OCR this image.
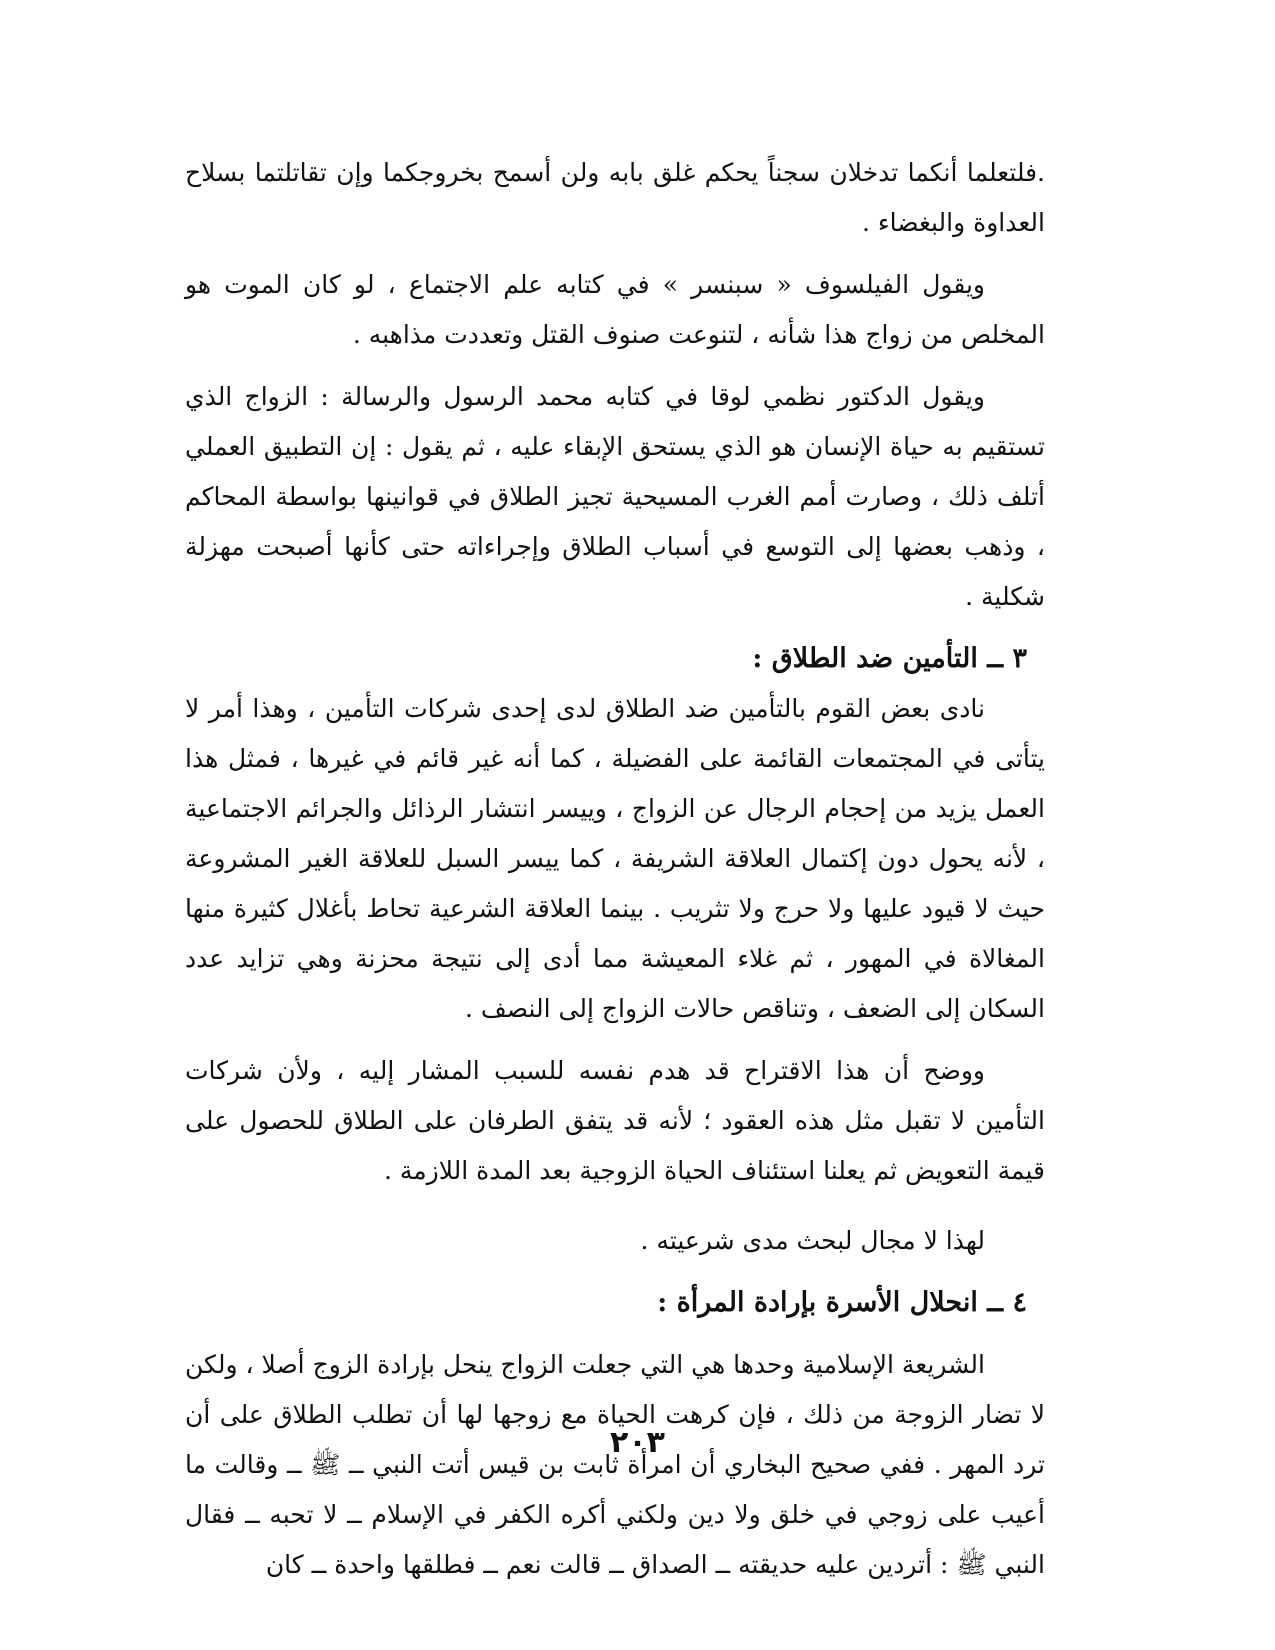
.فلتعلما أنكما تدخلان سجناً يحكم غلق بابه ولن أسمح بخروجكما وإن تقاتلتما بسلاح العداوة والبغضاء .

ويقول الفيلسوف « سبنسر » في كتابه علم الاجتماع ، لو كان الموت هو المخلص من زواج هذا شأنه ، لتنوعت صنوف القتل وتعددت مذاهبه .

ويقول الدكتور نظمي لوقا في كتابه محمد الرسول والرسالة : الزواج الذي تستقيم به حياة الإنسان هو الذي يستحق الإبقاء عليه ، ثم يقول : إن التطبيق العملي أتلف ذلك ، وصارت أمم الغرب المسيحية تجيز الطلاق في قوانينها بواسطة المحاكم ، وذهب بعضها إلى التوسع في أسباب الطلاق وإجراءاته حتى كأنها أصبحت مهزلة شكلية .

٣ ــ التأمين ضد الطلاق :

نادى بعض القوم بالتأمين ضد الطلاق لدى إحدى شركات التأمين ، وهذا أمر لا يتأتى في المجتمعات القائمة على الفضيلة ، كما أنه غير قائم في غيرها ، فمثل هذا العمل يزيد من إحجام الرجال عن الزواج ، وييسر انتشار الرذائل والجرائم الاجتماعية ، لأنه يحول دون إكتمال العلاقة الشريفة ، كما ييسر السبل للعلاقة الغير المشروعة حيث لا قيود عليها ولا حرج ولا تثريب . بينما العلاقة الشرعية تحاط بأغلال كثيرة منها المغالاة في المهور ، ثم غلاء المعيشة مما أدى إلى نتيجة محزنة وهي تزايد عدد السكان إلى الضعف ، وتناقص حالات الزواج إلى النصف .

ووضح أن هذا الاقتراح قد هدم نفسه للسبب المشار إليه ، ولأن شركات التأمين لا تقبل مثل هذه العقود ؛ لأنه قد يتفق الطرفان على الطلاق للحصول على قيمة التعويض ثم يعلنا استئناف الحياة الزوجية بعد المدة اللازمة .

لهذا لا مجال لبحث مدى شرعيته .

٤ ــ انحلال الأسرة بإرادة المرأة :

الشريعة الإسلامية وحدها هي التي جعلت الزواج ينحل بإرادة الزوج أصلا ، ولكن لا تضار الزوجة من ذلك ، فإن كرهت الحياة مع زوجها لها أن تطلب الطلاق على أن ترد المهر . ففي صحيح البخاري أن امرأة ثابت بن قيس أتت النبي ــ ﷺ ــ وقالت ما أعيب على زوجي في خلق ولا دين ولكني أكره الكفر في الإسلام ــ لا تحبه ــ فقال النبي ﷺ : أتردين عليه حديقته ــ الصداق ــ قالت نعم ــ فطلقها واحدة ــ كان

٢٠٣
